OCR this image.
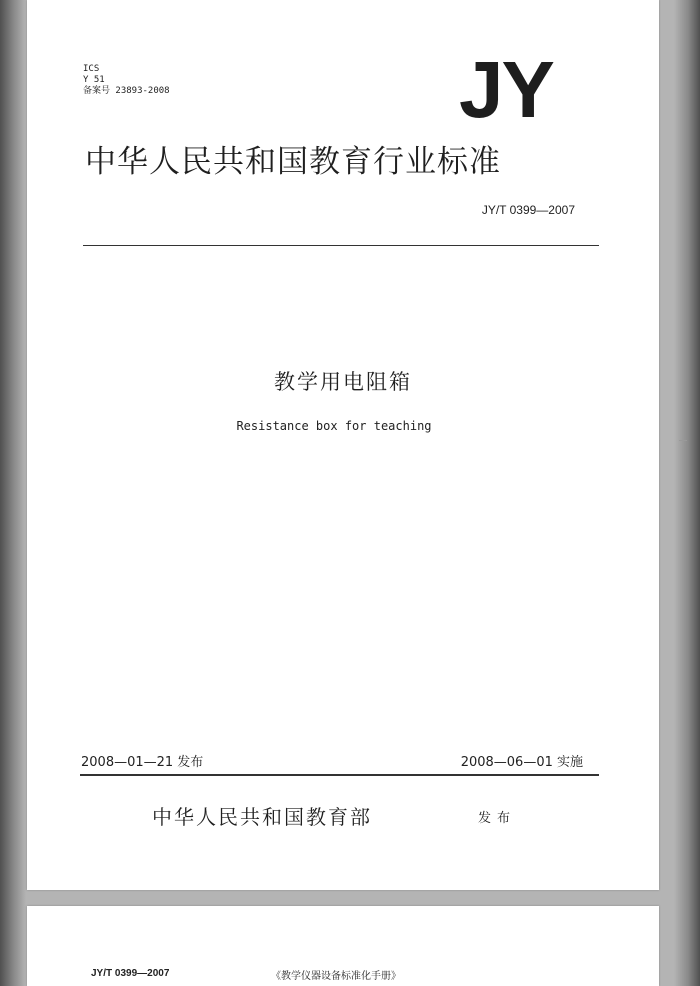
ICS
Y 51
备案号 23893-2008	JY
中华人民共和国教育行业标准
JY/T 0399—2007
教学用电阻箱
Resistance box for teaching
2008—01—21 发布	2008—06—01 实施
中华人民共和国教育部	发布
JY/T 0399—2007	《教学仪器设备标准化手册》
